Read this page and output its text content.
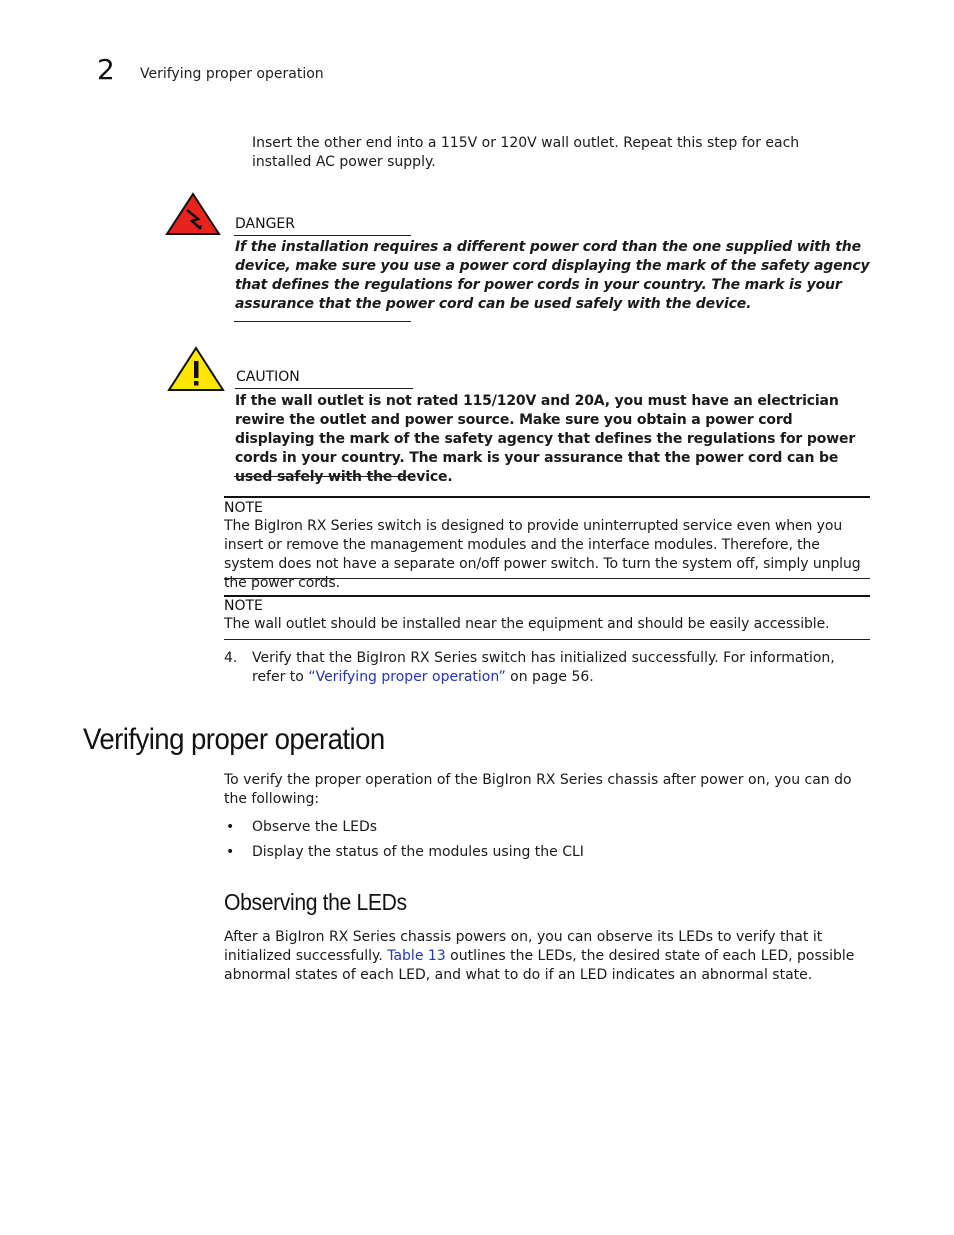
2 Verifying proper operation
Insert the other end into a 115V or 120V wall outlet. Repeat this step for each installed AC power supply.
DANGER
If the installation requires a different power cord than the one supplied with the device, make sure you use a power cord displaying the mark of the safety agency that defines the regulations for power cords in your country. The mark is your assurance that the power cord can be used safely with the device.
CAUTION
If the wall outlet is not rated 115/120V and 20A, you must have an electrician rewire the outlet and power source. Make sure you obtain a power cord displaying the mark of the safety agency that defines the regulations for power cords in your country. The mark is your assurance that the power cord can be used safely with the device.
NOTE
The BigIron RX Series switch is designed to provide uninterrupted service even when you insert or remove the management modules and the interface modules. Therefore, the system does not have a separate on/off power switch. To turn the system off, simply unplug the power cords.
NOTE
The wall outlet should be installed near the equipment and should be easily accessible.
4. Verify that the BigIron RX Series switch has initialized successfully. For information, refer to “Verifying proper operation” on page 56.
Verifying proper operation
To verify the proper operation of the BigIron RX Series chassis after power on, you can do the following:
• Observe the LEDs
• Display the status of the modules using the CLI
Observing the LEDs
After a BigIron RX Series chassis powers on, you can observe its LEDs to verify that it initialized successfully. Table 13 outlines the LEDs, the desired state of each LED, possible abnormal states of each LED, and what to do if an LED indicates an abnormal state.
